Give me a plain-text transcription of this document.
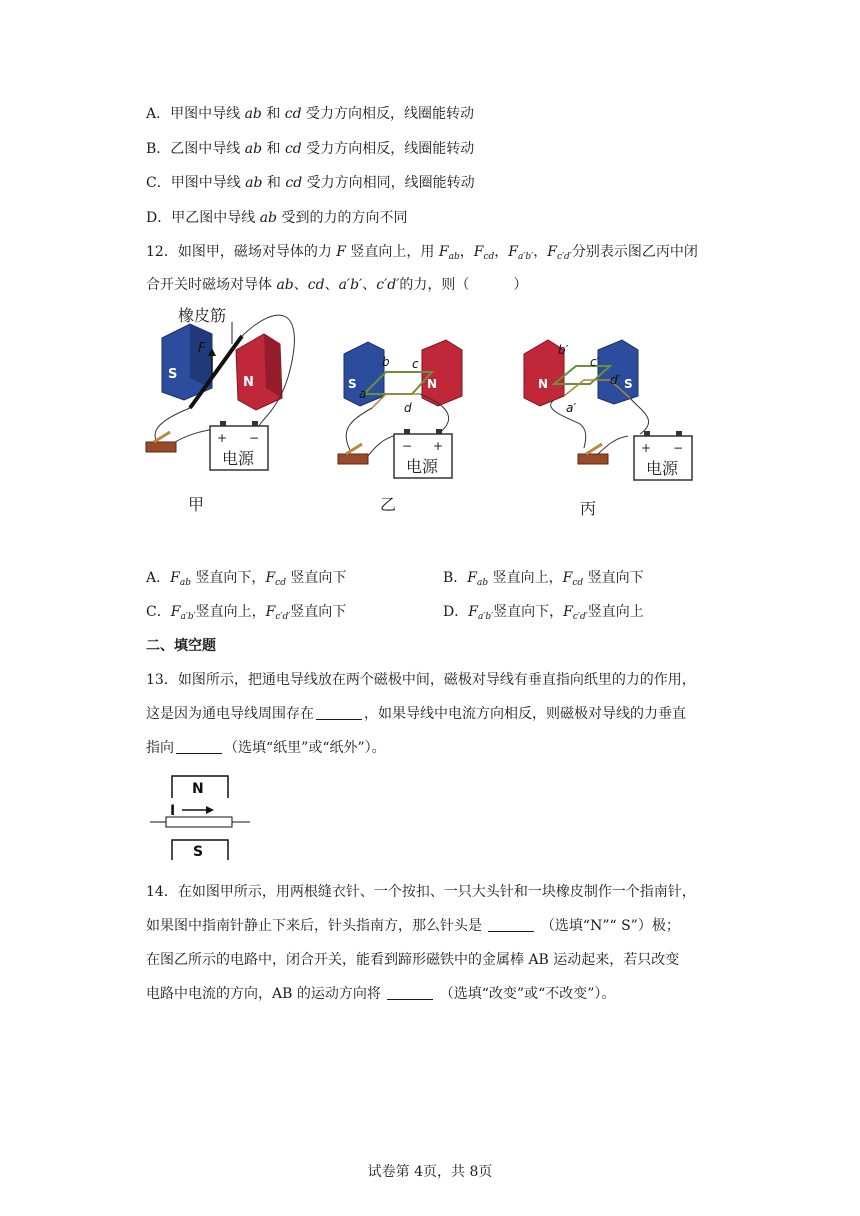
A．甲图中导线 ab 和 cd 受力方向相反，线圈能转动
B．乙图中导线 ab 和 cd 受力方向相反，线圈能转动
C．甲图中导线 ab 和 cd 受力方向相同，线圈能转动
D．甲乙图中导线 ab 受到的力的方向不同
12．如图甲，磁场对导体的力 F 竖直向上，用 $F_{ab}$，$F_{cd}$，$F_{a'b'}$，$F_{c'd'}$分别表示图乙丙中闭
合开关时磁场对导体 ab、cd、a′b′、c′d′的力，则（	）
橡皮筋
S
N
F
+ −
电源
甲
S	N
a
b c
d
− +
电源
乙
N	S
b′
c′
d′
a′
+ −
电源
丙
A．$F_{ab}$ 竖直向下，$F_{cd}$ 竖直向下	B．$F_{ab}$ 竖直向上，$F_{cd}$ 竖直向下
C．$F_{a'b'}$竖直向上，$F_{c'd'}$竖直向下	D．$F_{a'b'}$竖直向下，$F_{c'd'}$竖直向上
二、填空题
13．如图所示，把通电导线放在两个磁极中间，磁极对导线有垂直指向纸里的力的作用，
这是因为通电导线周围存在	，如果导线中电流方向相反，则磁极对导线的力垂直
指向	（选填“纸里”或“纸外”）。
N
I
S
14．在如图甲所示，用两根缝衣针、一个按扣、一只大头针和一块橡皮制作一个指南针，
如果图中指南针静止下来后，针头指南方，那么针头是	（选填“N”“ S”）极；
在图乙所示的电路中，闭合开关，能看到蹄形磁铁中的金属棒 AB 运动起来，若只改变
电路中电流的方向，AB 的运动方向将	（选填“改变”或“不改变”）。
试卷第 4页，共 8页
